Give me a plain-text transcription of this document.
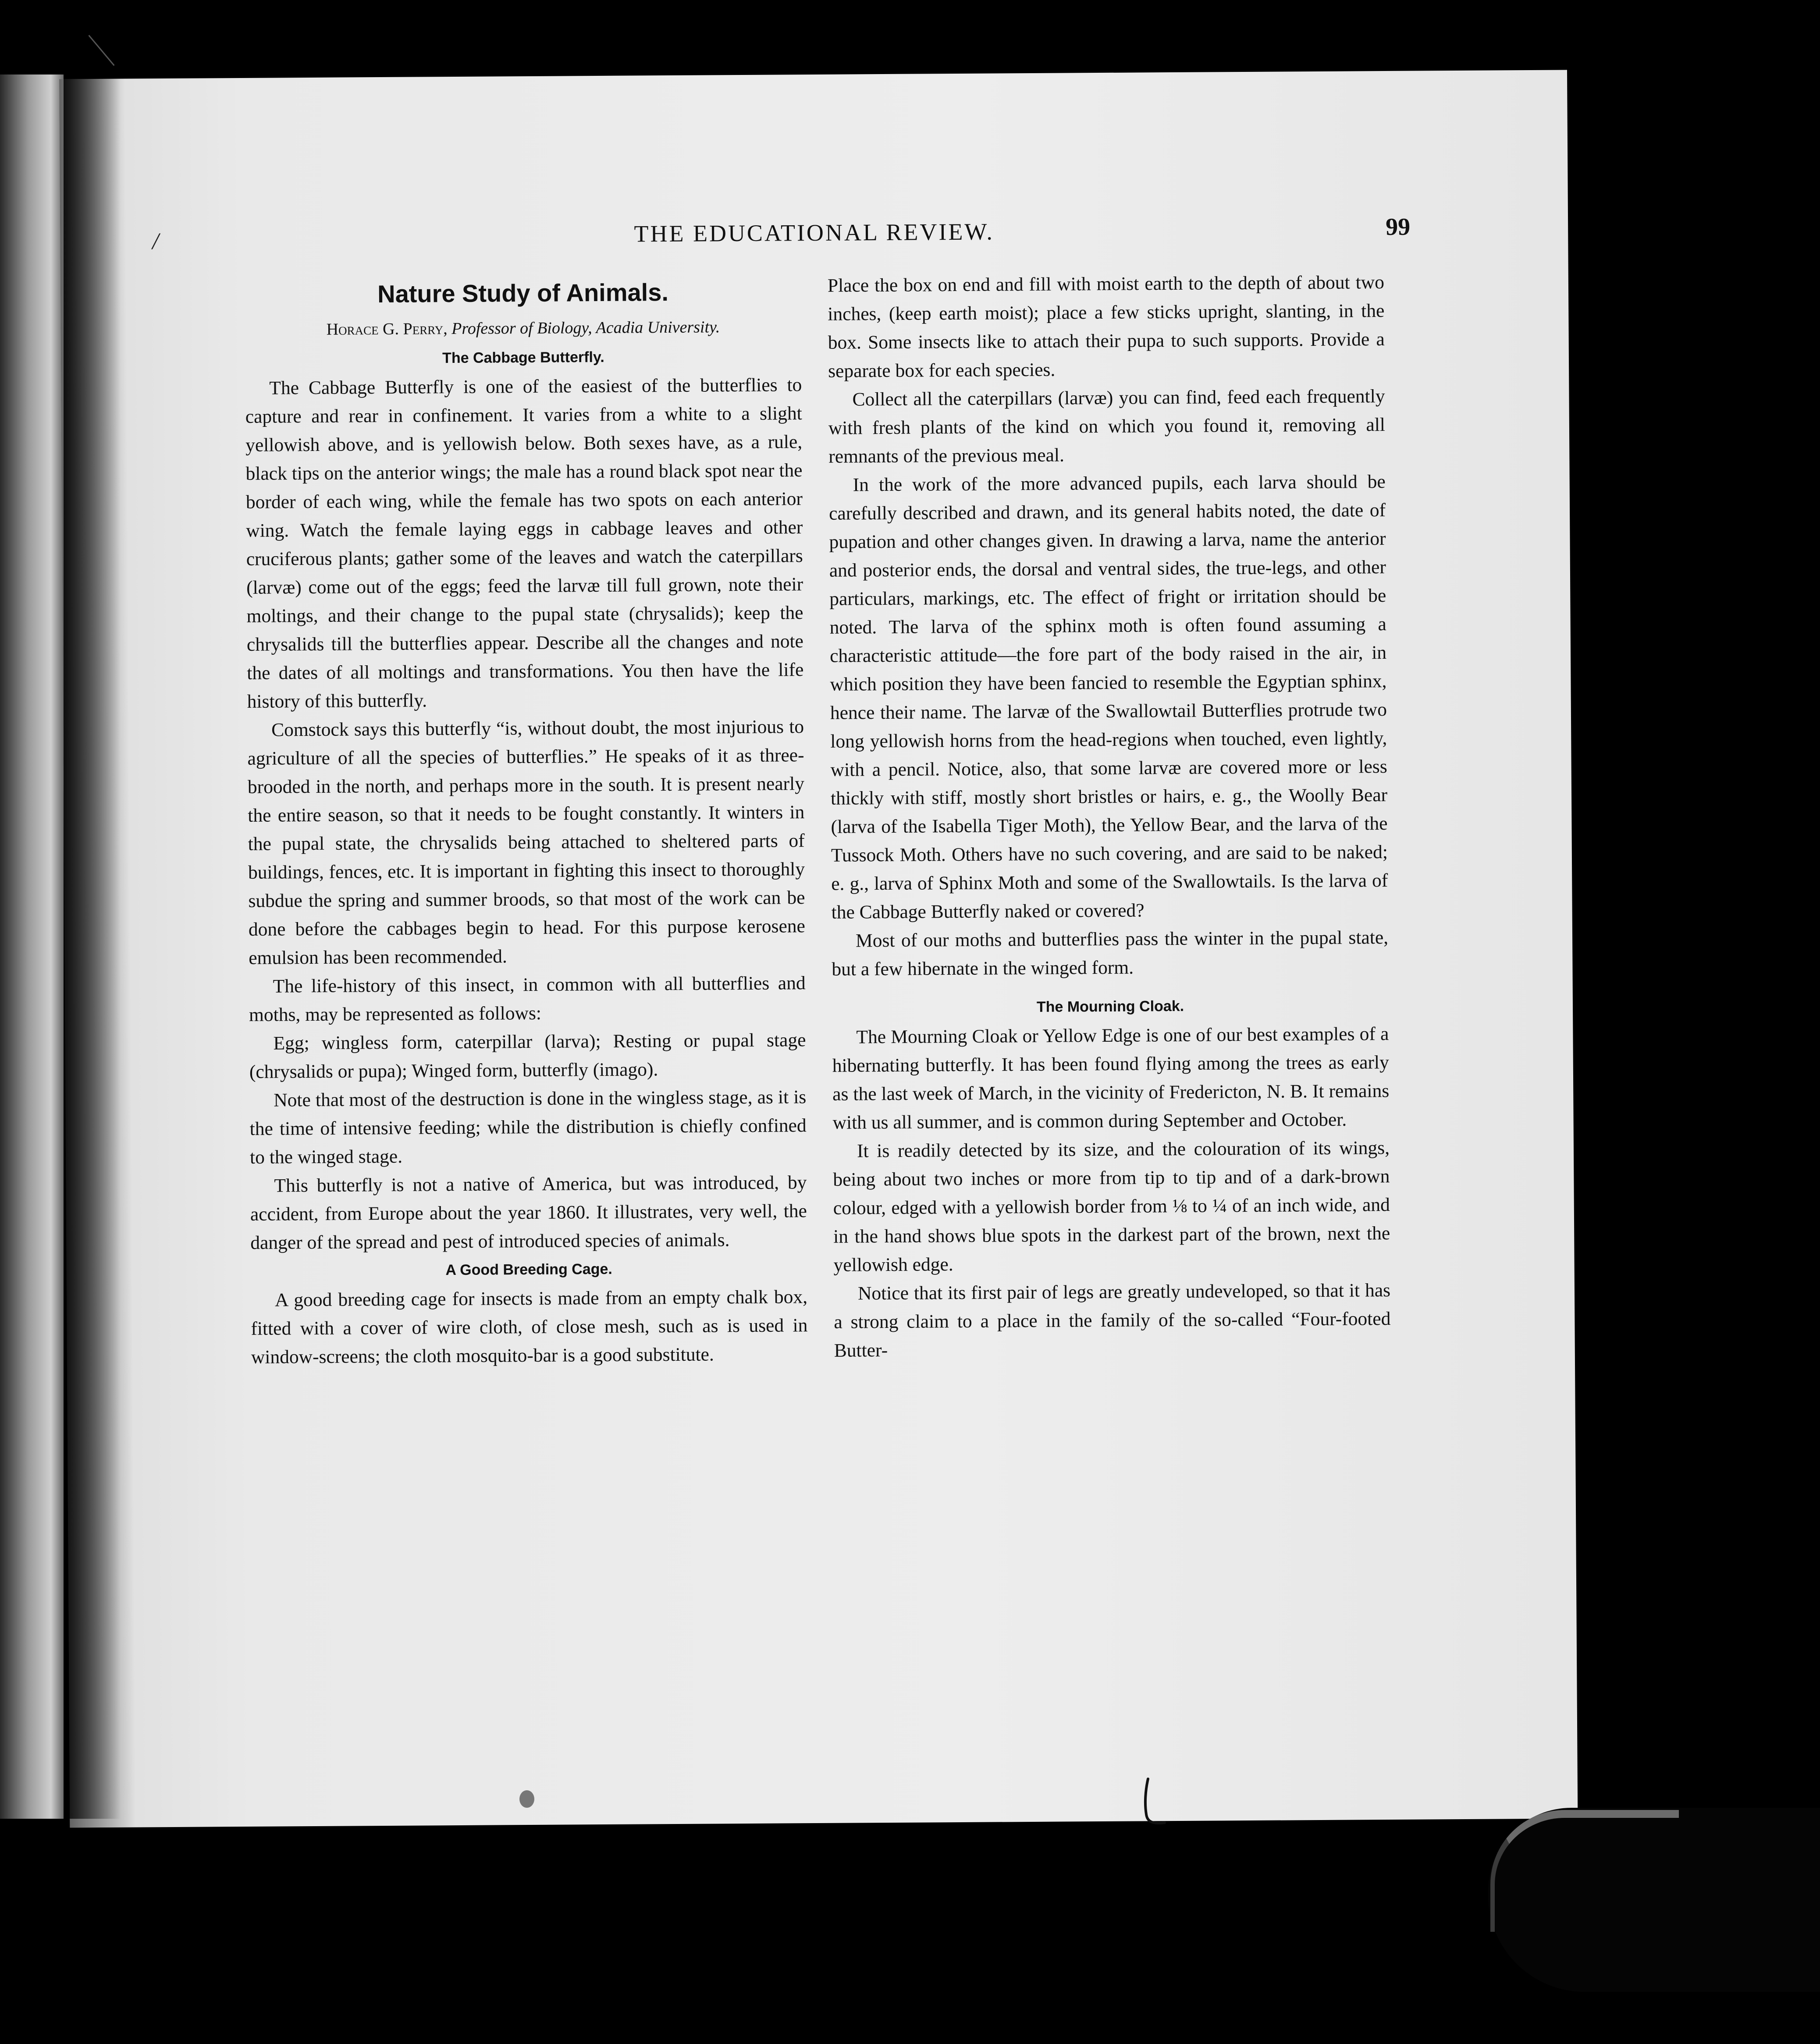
/	THE EDUCATIONAL REVIEW.	99
Nature Study of Animals.

Horace G. Perry, Professor of Biology, Acadia University.

The Cabbage Butterfly.

The Cabbage Butterfly is one of the easiest of the butterflies to capture and rear in confinement. It varies from a white to a slight yellowish above, and is yellowish below. Both sexes have, as a rule, black tips on the anterior wings; the male has a round black spot near the border of each wing, while the female has two spots on each anterior wing. Watch the female laying eggs in cabbage leaves and other cruciferous plants; gather some of the leaves and watch the caterpillars (larvæ) come out of the eggs; feed the larvæ till full grown, note their moltings, and their change to the pupal state (chrysalids); keep the chrysalids till the butterflies appear. Describe all the changes and note the dates of all moltings and transformations. You then have the life history of this butterfly.

Comstock says this butterfly “is, without doubt, the most injurious to agriculture of all the species of butterflies.” He speaks of it as three-brooded in the north, and perhaps more in the south. It is present nearly the entire season, so that it needs to be fought constantly. It winters in the pupal state, the chrysalids being attached to sheltered parts of buildings, fences, etc. It is important in fighting this insect to thoroughly subdue the spring and summer broods, so that most of the work can be done before the cabbages begin to head. For this purpose kerosene emulsion has been recommended.

The life-history of this insect, in common with all butterflies and moths, may be represented as follows:

Egg; wingless form, caterpillar (larva); Resting or pupal stage (chrysalids or pupa); Winged form, butterfly (imago).

Note that most of the destruction is done in the wingless stage, as it is the time of intensive feeding; while the distribution is chiefly confined to the winged stage.

This butterfly is not a native of America, but was introduced, by accident, from Europe about the year 1860. It illustrates, very well, the danger of the spread and pest of introduced species of animals.

A Good Breeding Cage.

A good breeding cage for insects is made from an empty chalk box, fitted with a cover of wire cloth, of close mesh, such as is used in window-screens; the cloth mosquito-bar is a good substitute.

Place the box on end and fill with moist earth to the depth of about two inches, (keep earth moist); place a few sticks upright, slanting, in the box. Some insects like to attach their pupa to such supports. Provide a separate box for each species.

Collect all the caterpillars (larvæ) you can find, feed each frequently with fresh plants of the kind on which you found it, removing all remnants of the previous meal.

In the work of the more advanced pupils, each larva should be carefully described and drawn, and its general habits noted, the date of pupation and other changes given. In drawing a larva, name the anterior and posterior ends, the dorsal and ventral sides, the true-legs, and other particulars, markings, etc. The effect of fright or irritation should be noted. The larva of the sphinx moth is often found assuming a characteristic attitude—the fore part of the body raised in the air, in which position they have been fancied to resemble the Egyptian sphinx, hence their name. The larvæ of the Swallowtail Butterflies protrude two long yellowish horns from the head-regions when touched, even lightly, with a pencil. Notice, also, that some larvæ are covered more or less thickly with stiff, mostly short bristles or hairs, e. g., the Woolly Bear (larva of the Isabella Tiger Moth), the Yellow Bear, and the larva of the Tussock Moth. Others have no such covering, and are said to be naked; e. g., larva of Sphinx Moth and some of the Swallowtails. Is the larva of the Cabbage Butterfly naked or covered?

Most of our moths and butterflies pass the winter in the pupal state, but a few hibernate in the winged form.

The Mourning Cloak.

The Mourning Cloak or Yellow Edge is one of our best examples of a hibernating butterfly. It has been found flying among the trees as early as the last week of March, in the vicinity of Fredericton, N. B. It remains with us all summer, and is common during September and October.

It is readily detected by its size, and the colouration of its wings, being about two inches or more from tip to tip and of a dark-brown colour, edged with a yellowish border from ⅛ to ¼ of an inch wide, and in the hand shows blue spots in the darkest part of the brown, next the yellowish edge.

Notice that its first pair of legs are greatly undeveloped, so that it has a strong claim to a place in the family of the so-called “Four-footed Butter-
